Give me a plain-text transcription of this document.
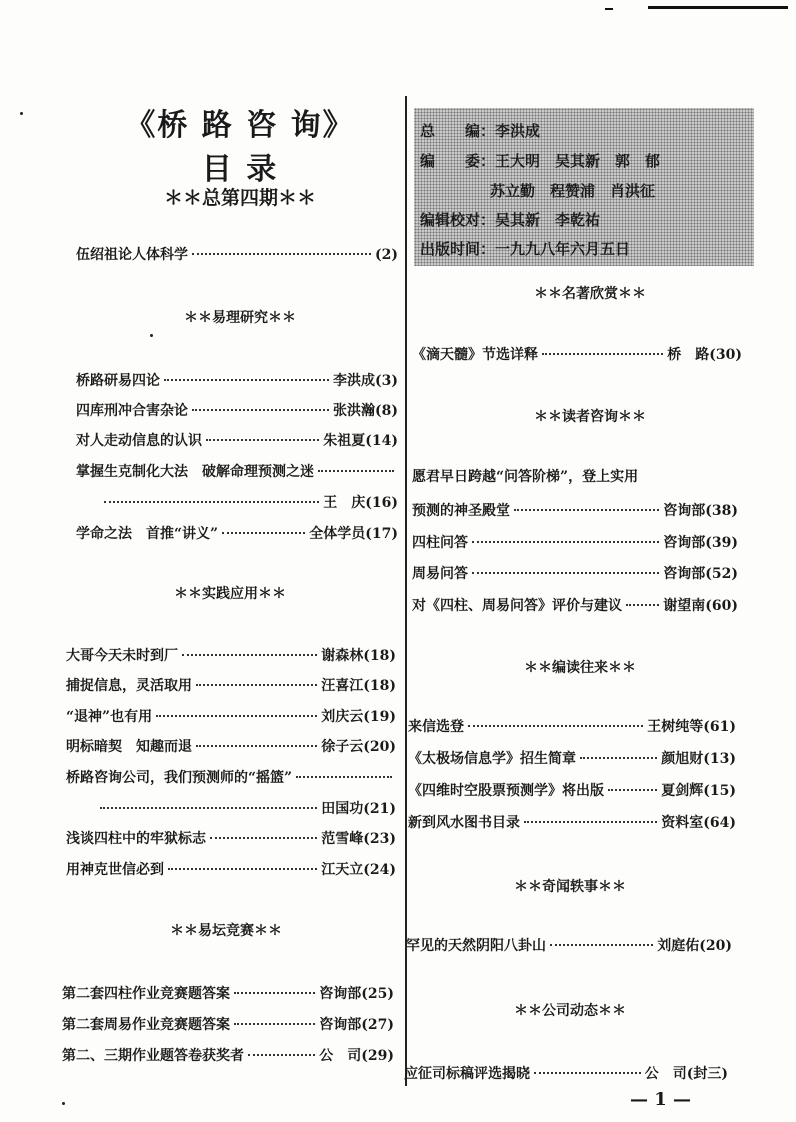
《桥 路 咨 询》目 录
＊＊总第四期＊＊
伍绍祖论人体科学	(2)
＊＊易理研究＊＊
桥路研易四论	李洪成(3)
四库刑冲合害杂论	张洪瀚(8)
对人走动信息的认识	朱祖夏(14)
掌握生克制化大法　破解命理预测之迷
王　庆(16)
学命之法　首推“讲义”	全体学员(17)
＊＊实践应用＊＊
大哥今天未时到厂	谢森林(18)
捕捉信息，灵活取用	汪喜江(18)
“退神”也有用	刘庆云(19)
明标暗契　知趣而退	徐子云(20)
桥路咨询公司，我们预测师的“摇篮”
田国功(21)
浅谈四柱中的牢狱标志	范雪峰(23)
用神克世信必到	江天立(24)
＊＊易坛竞赛＊＊
第二套四柱作业竞赛题答案	咨询部(25)
第二套周易作业竞赛题答案	咨询部(27)
第二、三期作业题答卷获奖者	公　司(29)
总　　编：李洪成
编　　委：王大明　吴其新　郭　郁
苏立勤　程赞浦　肖洪征
编辑校对：吴其新　李乾祐
出版时间：一九九八年六月五日
＊＊名著欣赏＊＊
《滴天髓》节选详释	桥　路(30)
＊＊读者咨询＊＊
愿君早日跨越“问答阶梯”，登上实用
预测的神圣殿堂	咨询部(38)
四柱问答	咨询部(39)
周易问答	咨询部(52)
对《四柱、周易问答》评价与建议	谢望南(60)
＊＊编读往来＊＊
来信选登	王树纯等(61)
《太极场信息学》招生简章	颜旭财(13)
《四维时空股票预测学》将出版	夏剑辉(15)
新到风水图书目录	资料室(64)
＊＊奇闻轶事＊＊
罕见的天然阴阳八卦山	刘庭佑(20)
＊＊公司动态＊＊
应征司标稿评选揭晓	公　司(封三)
— 1 —
